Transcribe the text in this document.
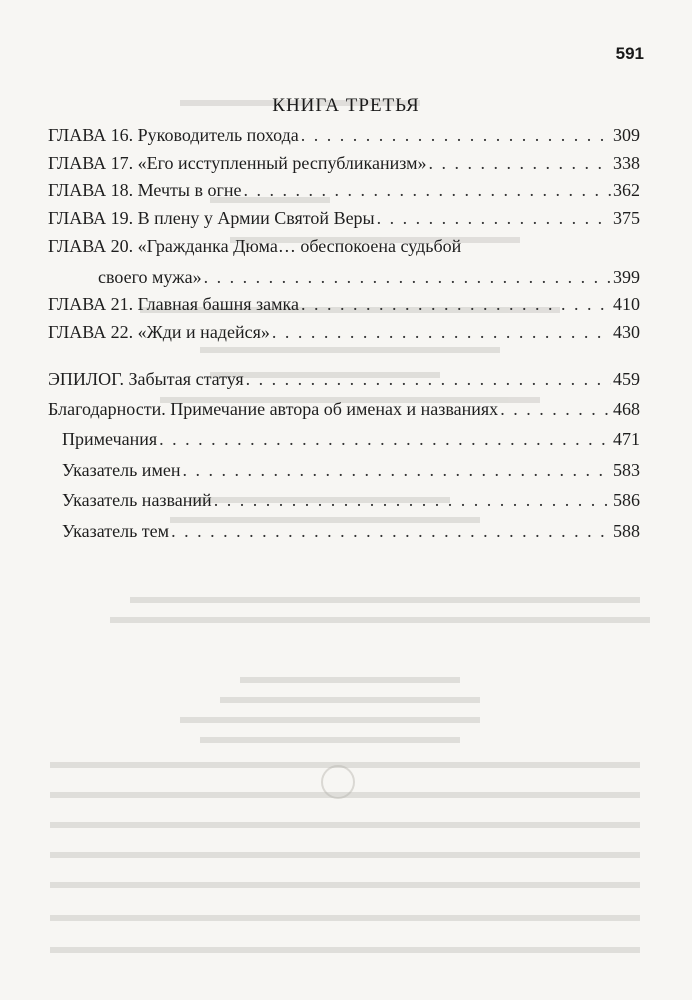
591
КНИГА ТРЕТЬЯ
ГЛАВА 16. Руководитель похода . . .	309
ГЛАВА 17. «Его исступленный республиканизм» . . .	338
ГЛАВА 18. Мечты в огне . . .	362
ГЛАВА 19. В плену у Армии Святой Веры . . .	375
ГЛАВА 20. «Гражданка Дюма… обеспокоена судьбой
своего мужа» . . .	399
ГЛАВА 21. Главная башня замка . . .	410
ГЛАВА 22. «Жди и надейся» . . .	430
ЭПИЛОГ. Забытая статуя . . .	459
Благодарности. Примечание автора об именах и названиях . . .	468
Примечания . . .	471
Указатель имен . . .	583
Указатель названий . . .	586
Указатель тем . . .	588
